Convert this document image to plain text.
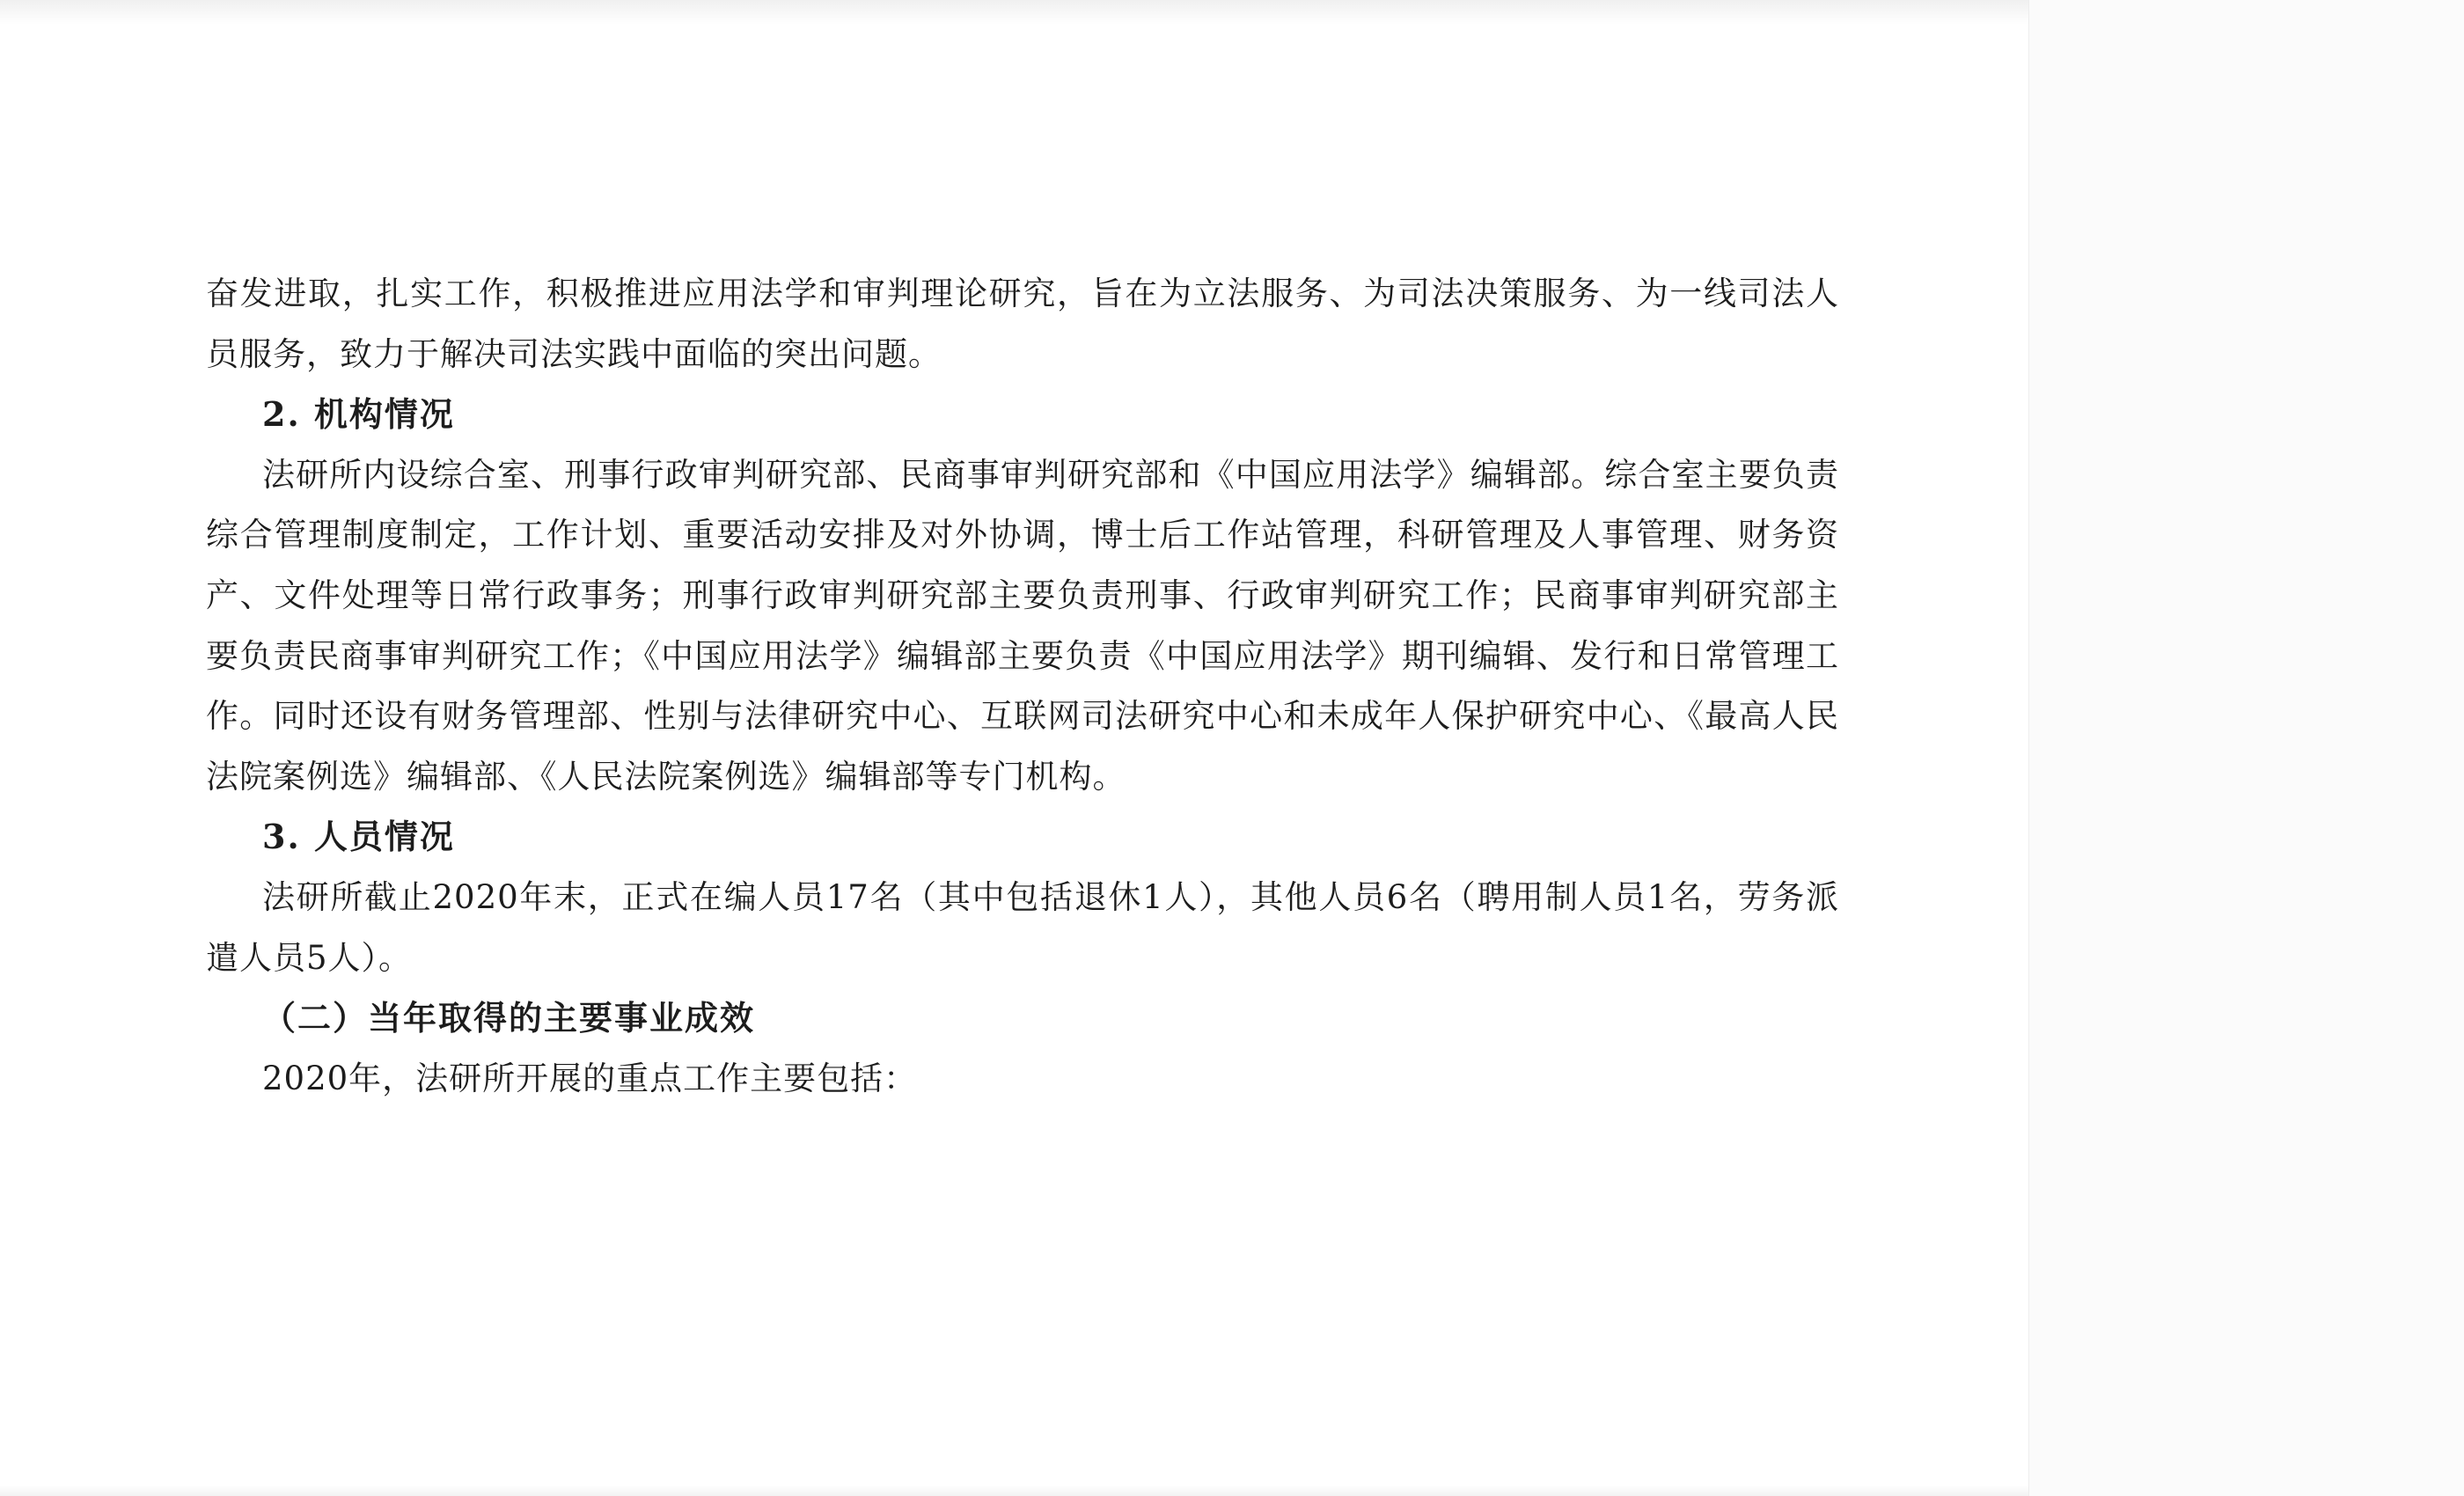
奋发进取，扎实工作，积极推进应用法学和审判理论研究，旨在为立法服务、为司法决策服务、为一线司法人员服务，致力于解决司法实践中面临的突出问题。

2. 机构情况

法研所内设综合室、刑事行政审判研究部、民商事审判研究部和《中国应用法学》编辑部。综合室主要负责综合管理制度制定，工作计划、重要活动安排及对外协调，博士后工作站管理，科研管理及人事管理、财务资产、文件处理等日常行政事务；刑事行政审判研究部主要负责刑事、行政审判研究工作；民商事审判研究部主要负责民商事审判研究工作；《中国应用法学》编辑部主要负责《中国应用法学》期刊编辑、发行和日常管理工作。同时还设有财务管理部、性别与法律研究中心、互联网司法研究中心和未成年人保护研究中心、《最高人民法院案例选》编辑部、《人民法院案例选》编辑部等专门机构。

3. 人员情况

法研所截止2020年末，正式在编人员17名（其中包括退休1人），其他人员6名（聘用制人员1名，劳务派遣人员5人）。

（二）当年取得的主要事业成效

2020年，法研所开展的重点工作主要包括：
